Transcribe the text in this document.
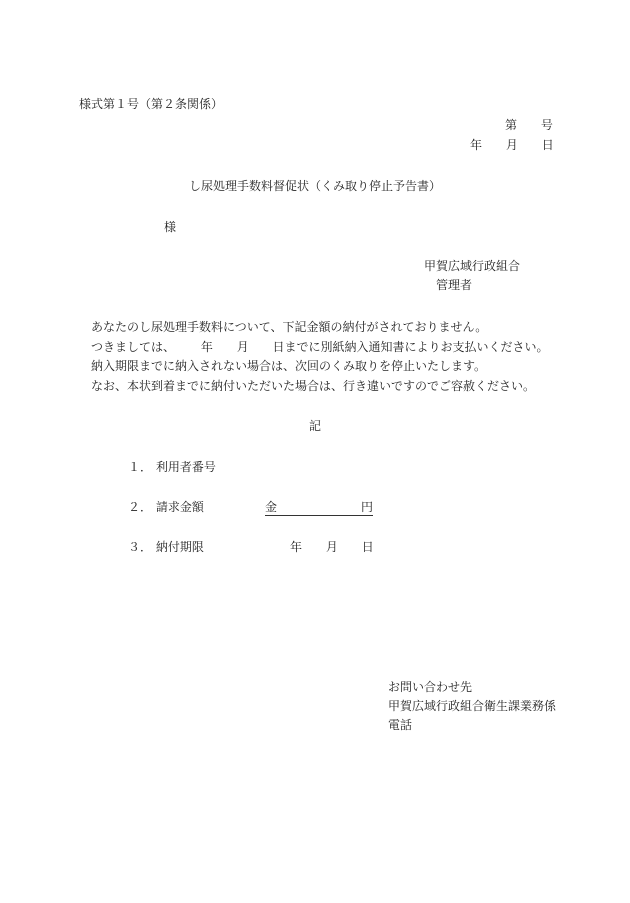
様式第１号（第２条関係）
第 号
年 月 日
し尿処理手数料督促状（くみ取り停止予告書）
様
甲賀広域行政組合
管理者
あなたのし尿処理手数料について、下記金額の納付がされておりません。
つきましては、 年 月 日までに別紙納入通知書によりお支払いください。
納入期限までに納入されない場合は、次回のくみ取りを停止いたします。
なお、本状到着までに納付いただいた場合は、行き違いですのでご容赦ください。
記
１． 利用者番号
２． 請求金額	金	円
３． 納付期限	年 月 日
お問い合わせ先
甲賀広域行政組合衛生課業務係
電話
